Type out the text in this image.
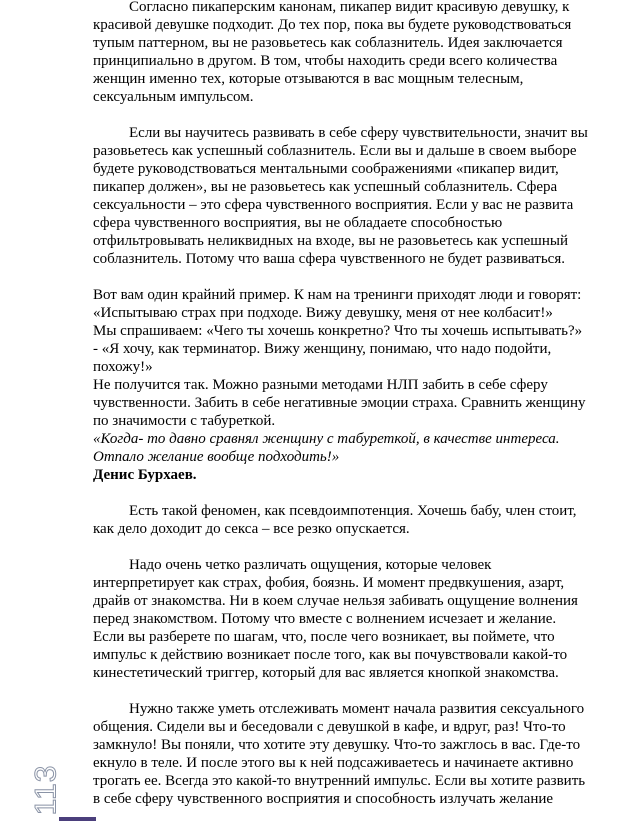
Согласно пикаперским канонам, пикапер видит красивую девушку, к

красивой девушке подходит. До тех пор, пока вы будете руководствоваться

тупым паттерном, вы не разовьетесь как соблазнитель. Идея заключается

принципиально в другом. В том, чтобы находить среди всего количества

женщин именно тех, которые отзываются в вас мощным телесным,

сексуальным импульсом.

Если вы научитесь развивать в себе сферу чувствительности, значит вы

разовьетесь как успешный соблазнитель. Если вы и дальше в своем выборе

будете руководствоваться ментальными соображениями «пикапер видит,

пикапер должен», вы не разовьетесь как успешный соблазнитель. Сфера

сексуальности – это сфера чувственного восприятия. Если у вас не развита

сфера чувственного восприятия, вы не обладаете способностью

отфильтровывать неликвидных на входе, вы не разовьетесь как успешный

соблазнитель. Потому что ваша сфера чувственного не будет развиваться.

Вот вам один крайний пример. К нам на тренинги приходят люди и говорят:

«Испытываю страх при подходе. Вижу девушку, меня от нее колбасит!»

Мы спрашиваем: «Чего ты хочешь конкретно? Что ты хочешь испытывать?»

- «Я хочу, как терминатор. Вижу женщину, понимаю, что надо подойти,

похожу!»

Не получится так. Можно разными методами НЛП забить в себе сферу

чувственности. Забить в себе негативные эмоции страха. Сравнить женщину

по значимости с табуреткой.

«Когда- то давно сравнял женщину с табуреткой, в качестве интереса.

Отпало желание вообще подходить!»

Денис Бурхаев.

Есть такой феномен, как псевдоимпотенция. Хочешь бабу, член стоит,

как дело доходит до секса – все резко опускается.

Надо очень четко различать ощущения, которые человек

интерпретирует как страх, фобия, боязнь. И момент предвкушения, азарт,

драйв от знакомства. Ни в коем случае нельзя забивать ощущение волнения

перед знакомством. Потому что вместе с волнением исчезает и желание.

Если вы разберете по шагам, что, после чего возникает, вы поймете, что

импульс к действию возникает после того, как вы почувствовали какой-то

кинестетический триггер, который для вас является кнопкой знакомства.

Нужно также уметь отслеживать момент начала развития сексуального

общения. Сидели вы и беседовали с девушкой в кафе, и вдруг, раз! Что-то

замкнуло! Вы поняли, что хотите эту девушку. Что-то зажглось в вас. Где-то

екнуло в теле. И после этого вы к ней подсаживаетесь и начинаете активно

трогать ее. Всегда это какой-то внутренний импульс. Если вы хотите развить

в себе сферу чувственного восприятия и способность излучать желание

113
